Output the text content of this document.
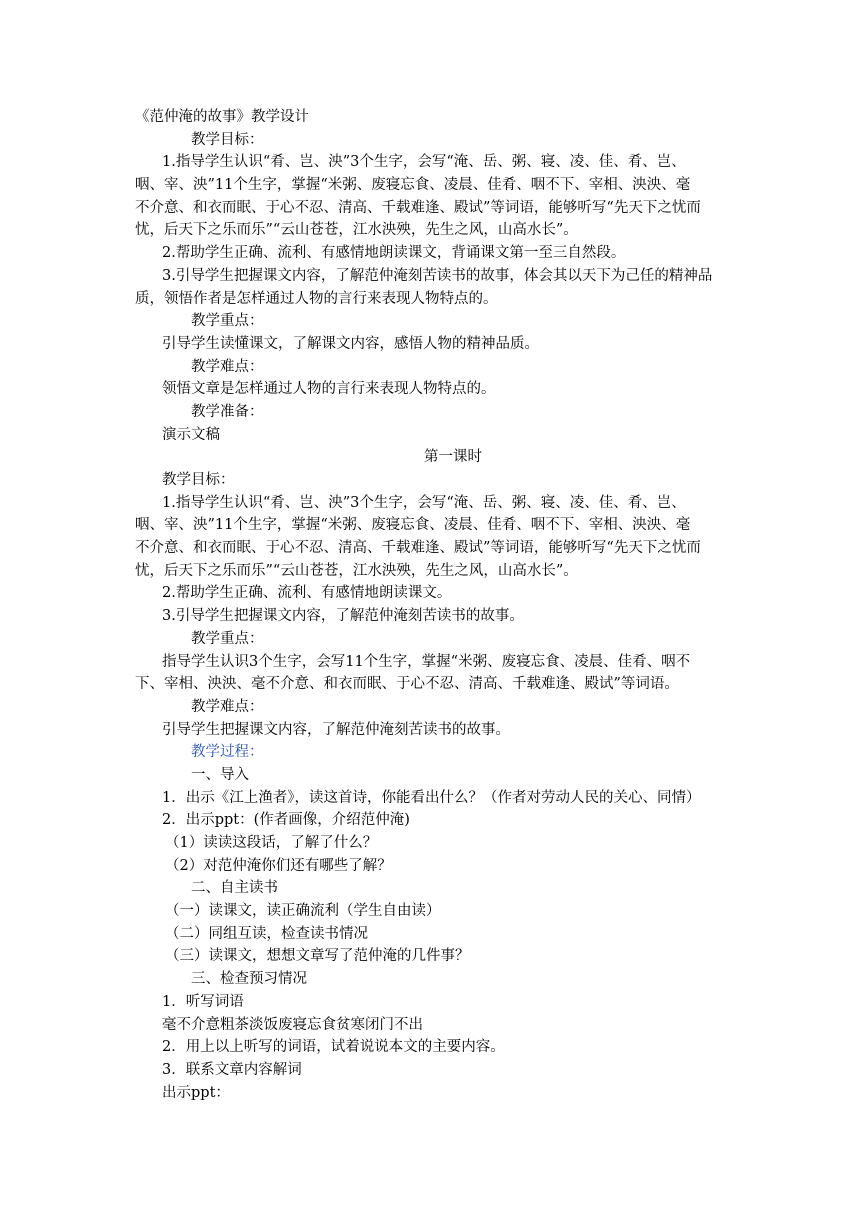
《范仲淹的故事》教学设计
教学目标：
1.指导学生认识“肴、岂、泱”3个生字，会写“淹、岳、粥、寝、凌、佳、肴、岂、
咽、宰、泱”11个生字，掌握“米粥、废寝忘食、凌晨、佳肴、咽不下、宰相、泱泱、毫
不介意、和衣而眠、于心不忍、清高、千载难逢、殿试”等词语，能够听写“先天下之忧而
忧，后天下之乐而乐”“云山苍苍，江水泱殃，先生之风，山高水长”。
2.帮助学生正确、流利、有感情地朗读课文，背诵课文第一至三自然段。
3.引导学生把握课文内容，了解范仲淹刻苦读书的故事，体会其以天下为己任的精神品
质，领悟作者是怎样通过人物的言行来表现人物特点的。
教学重点：
引导学生读懂课文，了解课文内容，感悟人物的精神品质。
教学难点：
领悟文章是怎样通过人物的言行来表现人物特点的。
教学准备：
演示文稿
第一课时
教学目标：
1.指导学生认识“肴、岂、泱”3个生字，会写“淹、岳、粥、寝、凌、佳、肴、岂、
咽、宰、泱”11个生字，掌握“米粥、废寝忘食、凌晨、佳肴、咽不下、宰相、泱泱、毫
不介意、和衣而眠、于心不忍、清高、千载难逢、殿试”等词语，能够听写“先天下之忧而
忧，后天下之乐而乐”“云山苍苍，江水泱殃，先生之风，山高水长”。
2.帮助学生正确、流利、有感情地朗读课文。
3.引导学生把握课文内容，了解范仲淹刻苦读书的故事。
教学重点：
指导学生认识3个生字，会写11个生字，掌握“米粥、废寝忘食、凌晨、佳肴、咽不
下、宰相、泱泱、毫不介意、和衣而眠、于心不忍、清高、千载难逢、殿试”等词语。
教学难点：
引导学生把握课文内容，了解范仲淹刻苦读书的故事。
教学过程：
一、导入
1．出示《江上渔者》，读这首诗，你能看出什么？（作者对劳动人民的关心、同情）
2．出示ppt：(作者画像，介绍范仲淹)
（1）读读这段话，了解了什么？
（2）对范仲淹你们还有哪些了解？
二、自主读书
（一）读课文，读正确流利（学生自由读）
（二）同组互读，检查读书情况
（三）读课文，想想文章写了范仲淹的几件事？
三、检查预习情况
1．听写词语
毫不介意粗茶淡饭废寝忘食贫寒闭门不出
2．用上以上听写的词语，试着说说本文的主要内容。
3．联系文章内容解词
出示ppt：
